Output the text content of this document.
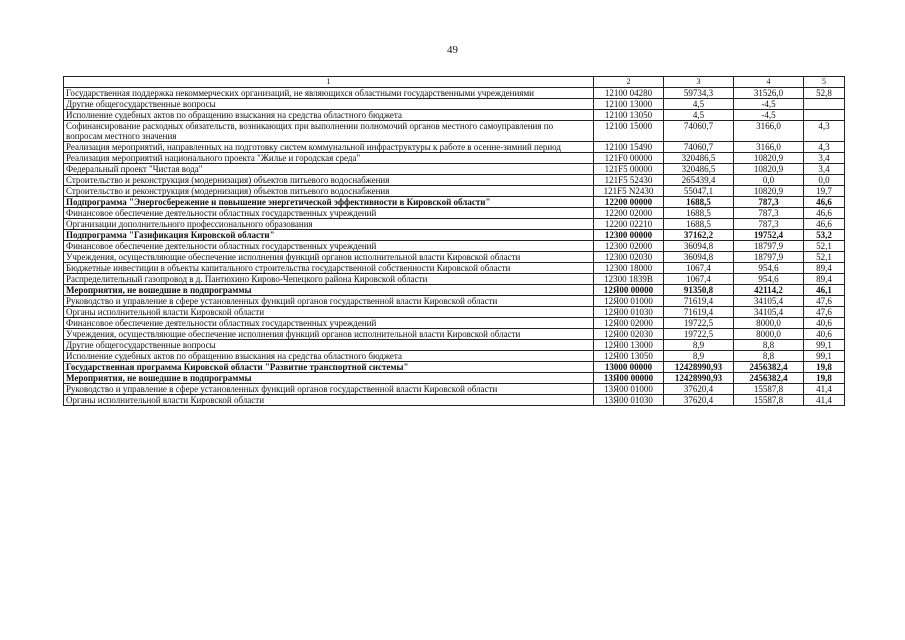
49
1	2	3	4	5
Государственная поддержка некоммерческих организаций, не являющихся областными государственными учреждениями	12100 04280	59734,3	31526,0	52,8
Другие общегосударственные вопросы	12100 13000	4,5	-4,5	
Исполнение судебных актов по обращению взыскания на средства областного бюджета	12100 13050	4,5	-4,5	
Софинансирование расходных обязательств, возникающих при выполнении полномочий органов местного самоуправления по вопросам местного значения	12100 15000	74060,7	3166,0	4,3
Реализация мероприятий, направленных на подготовку систем коммунальной инфраструктуры к работе в осенне-зимний период	12100 15490	74060,7	3166,0	4,3
Реализация мероприятий национального проекта "Жилье и городская среда"	121F0 00000	320486,5	10820,9	3,4
Федеральный проект "Чистая вода"	121F5 00000	320486,5	10820,9	3,4
Строительство и реконструкция (модернизация) объектов питьевого водоснабжения	121F5 52430	265439,4	0,0	0,0
Строительство и реконструкция (модернизация) объектов питьевого водоснабжения	121F5 N2430	55047,1	10820,9	19,7
Подпрограмма "Энергосбережение и повышение энергетической эффективности в Кировской области"	12200 00000	1688,5	787,3	46,6
Финансовое обеспечение деятельности областных государственных учреждений	12200 02000	1688,5	787,3	46,6
Организации дополнительного профессионального образования	12200 02210	1688,5	787,3	46,6
Подпрограмма "Газификация Кировской области"	12300 00000	37162,2	19752,4	53,2
Финансовое обеспечение деятельности областных государственных учреждений	12300 02000	36094,8	18797,9	52,1
Учреждения, осуществляющие обеспечение исполнения функций органов исполнительной власти Кировской области	12300 02030	36094,8	18797,9	52,1
Бюджетные инвестиции в объекты капитального строительства государственной собственности Кировской области	12300 18000	1067,4	954,6	89,4
Распределительный газопровод в д. Пантюхино Кирово-Чепецкого района Кировской области	12300 1839В	1067,4	954,6	89,4
Мероприятия, не вошедшие в подпрограммы	12Я00 00000	91350,8	42114,2	46,1
Руководство и управление в сфере установленных функций органов государственной власти Кировской области	12Я00 01000	71619,4	34105,4	47,6
Органы исполнительной власти Кировской области	12Я00 01030	71619,4	34105,4	47,6
Финансовое обеспечение деятельности областных государственных учреждений	12Я00 02000	19722,5	8000,0	40,6
Учреждения, осуществляющие обеспечение исполнения функций органов исполнительной власти Кировской области	12Я00 02030	19722,5	8000,0	40,6
Другие общегосударственные вопросы	12Я00 13000	8,9	8,8	99,1
Исполнение судебных актов по обращению взыскания на средства областного бюджета	12Я00 13050	8,9	8,8	99,1
Государственная программа Кировской области "Развитие транспортной системы"	13000 00000	12428990,93	2456382,4	19,8
Мероприятия, не вошедшие в подпрограммы	13Я00 00000	12428990,93	2456382,4	19,8
Руководство и управление в сфере установленных функций органов государственной власти Кировской области	13Я00 01000	37620,4	15587,8	41,4
Органы исполнительной власти Кировской области	13Я00 01030	37620,4	15587,8	41,4
